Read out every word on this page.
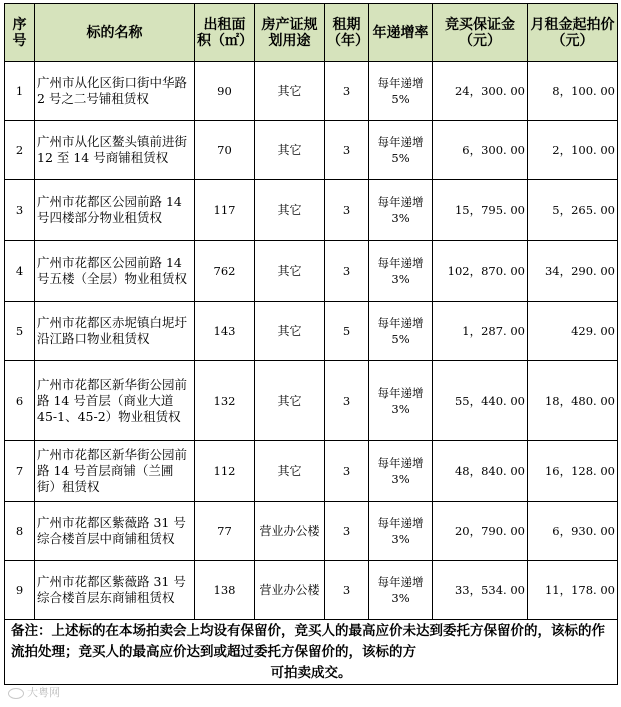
序号	标的名称	出租面积（㎡）	房产证规划用途	租期（年）	年递增率	竞买保证金（元）	月租金起拍价（元）
1	广州市从化区街口街中华路 2 号之二号铺租赁权	90	其它	3	每年递增 5%	24，300. 00	8，100. 00
2	广州市从化区鳌头镇前进街 12 至 14 号商铺租赁权	70	其它	3	每年递增 5%	6，300. 00	2，100. 00
3	广州市花都区公园前路 14 号四楼部分物业租赁权	117	其它	3	每年递增 3%	15，795. 00	5，265. 00
4	广州市花都区公园前路 14 号五楼（全层）物业租赁权	762	其它	3	每年递增 3%	102，870. 00	34，290. 00
5	广州市花都区赤坭镇白坭圩沿江路口物业租赁权	143	其它	5	每年递增 5%	1，287. 00	429. 00
6	广州市花都区新华街公园前路 14 号首层（商业大道 45-1、45-2）物业租赁权	132	其它	3	每年递增 3%	55，440. 00	18，480. 00
7	广州市花都区新华街公园前路 14 号首层商铺（兰圃街）租赁权	112	其它	3	每年递增 3%	48，840. 00	16，128. 00
8	广州市花都区紫薇路 31 号综合楼首层中商铺租赁权	77	营业办公楼	3	每年递增 3%	20，790. 00	6，930. 00
9	广州市花都区紫薇路 31 号综合楼首层东商铺租赁权	138	营业办公楼	3	每年递增 3%	33，534. 00	11，178. 00
备注：上述标的在本场拍卖会上均设有保留价，竞买人的最高应价未达到委托方保留价的，该标的作流拍处理；竞买人的最高应价达到或超过委托方保留价的，该标的方
可拍卖成交。							
大粤网
